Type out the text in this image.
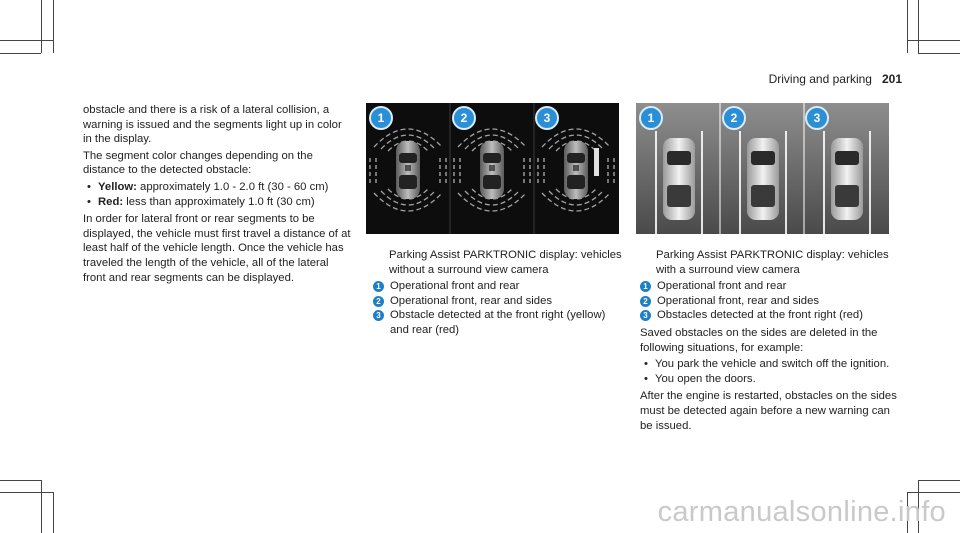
Driving and parking 201

obstacle and there is a risk of a lateral collision, a warning is issued and the segments light up in color in the display.

The segment color changes depending on the distance to the detected obstacle:

• Yellow: approximately 1.0 - 2.0 ft (30 - 60 cm)
• Red: less than approximately 1.0 ft (30 cm)

In order for lateral front or rear segments to be displayed, the vehicle must first travel a distance of at least half of the vehicle length. Once the vehicle has traveled the length of the vehicle, all of the lateral front and rear segments can be displayed.

1	2	3

Parking Assist PARKTRONIC display: vehicles without a surround view camera

1 Operational front and rear
2 Operational front, rear and sides
3 Obstacle detected at the front right (yellow) and rear (red)
1	2	3

Parking Assist PARKTRONIC display: vehicles with a surround view camera

1 Operational front and rear
2 Operational front, rear and sides
3 Obstacles detected at the front right (red)

Saved obstacles on the sides are deleted in the following situations, for example:

• You park the vehicle and switch off the ignition.
• You open the doors.

After the engine is restarted, obstacles on the sides must be detected again before a new warning can be issued.

carmanualsonline.info
